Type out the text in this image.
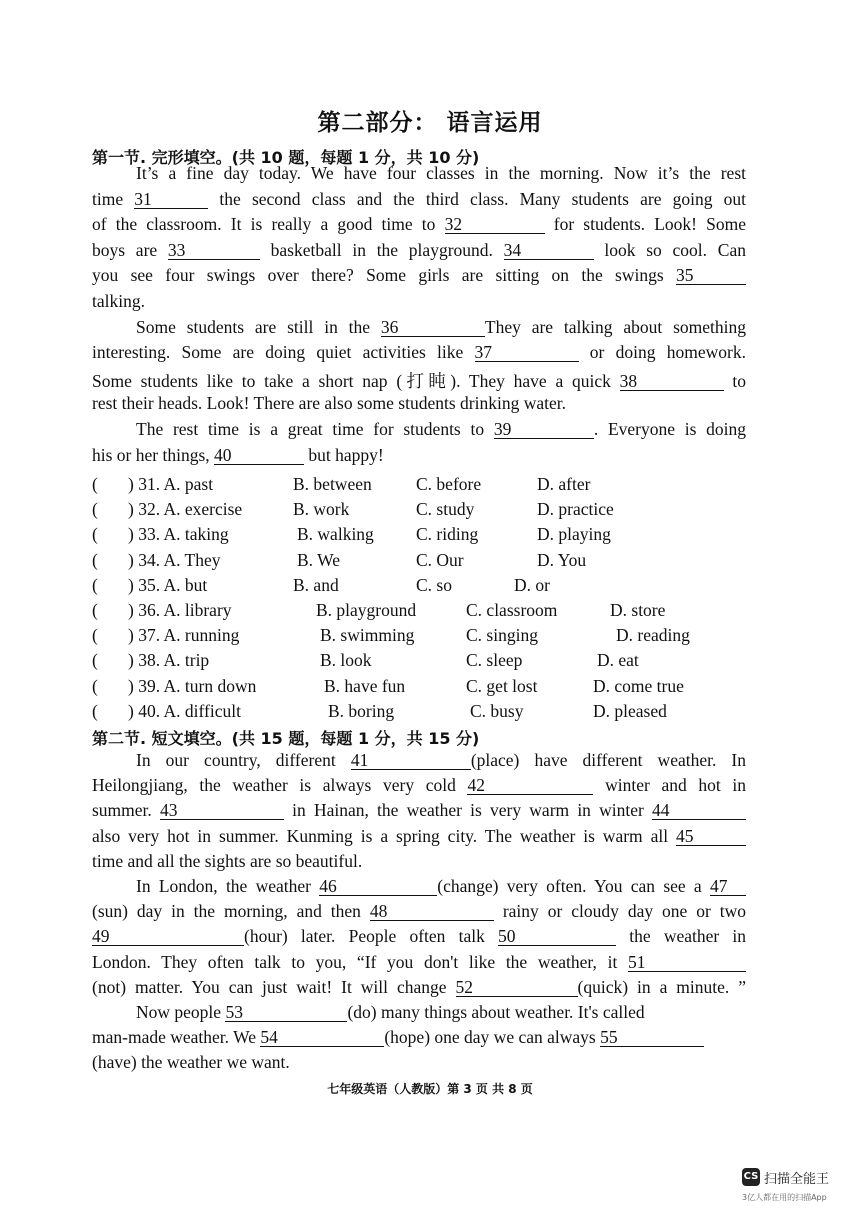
第二部分： 语言运用
第一节. 完形填空。(共 10 题，每题 1 分，共 10 分)
It’s a fine day today. We have four classes in the morning. Now it’s the rest
time 31	the second class and the third class. Many students are going out
of the classroom. It is really a good time to 32	for students. Look! Some
boys are 33	basketball in the playground. 34	look so cool. Can
you see four swings over there? Some girls are sitting on the swings 35
talking.
Some students are still in the 36	They are talking about something
interesting. Some are doing quiet activities like 37	or doing homework.
Some students like to take a short nap (打盹). They have a quick 38	to
rest their heads. Look! There are also some students drinking water.
The rest time is a great time for students to 39	. Everyone is doing
his or her things, 40	but happy!
( ) 31. A. past	B. between	C. before	D. after
( ) 32. A. exercise	B. work	C. study	D. practice
( ) 33. A. taking	B. walking C. riding	D. playing
( ) 34. A. They	B. We	C. Our	D. You
( ) 35. A. but	B. and	C. so	D. or
( ) 36. A. library	B. playground	C. classroom	D. store
( ) 37. A. running	B. swimming	C. singing	D. reading
( ) 38. A. trip	B. look	C. sleep	D. eat
( ) 39. A. turn down	B. have fun	C. get lost	D. come true
( ) 40. A. difficult	B. boring	C. busy	D. pleased
第二节. 短文填空。(共 15 题，每题 1 分，共 15 分)
In our country, different 41	(place) have different weather. In
Heilongjiang, the weather is always very cold 42	winter and hot in
summer. 43	in Hainan, the weather is very warm in winter 44
also very hot in summer. Kunming is a spring city. The weather is warm all 45
time and all the sights are so beautiful.
In London, the weather 46	(change) very often. You can see a 47
(sun) day in the morning, and then 48	rainy or cloudy day one or two
49	(hour) later. People often talk 50	the weather in
London. They often talk to you, “If you don't like the weather, it 51
(not) matter. You can just wait! It will change 52	(quick) in a minute. ”
Now people 53	(do) many things about weather. It's called
man-made weather. We 54	(hope) one day we can always 55
(have) the weather we want.
七年级英语（人教版）第 3 页 共 8 页
CS 扫描全能王
3亿人都在用的扫描App
